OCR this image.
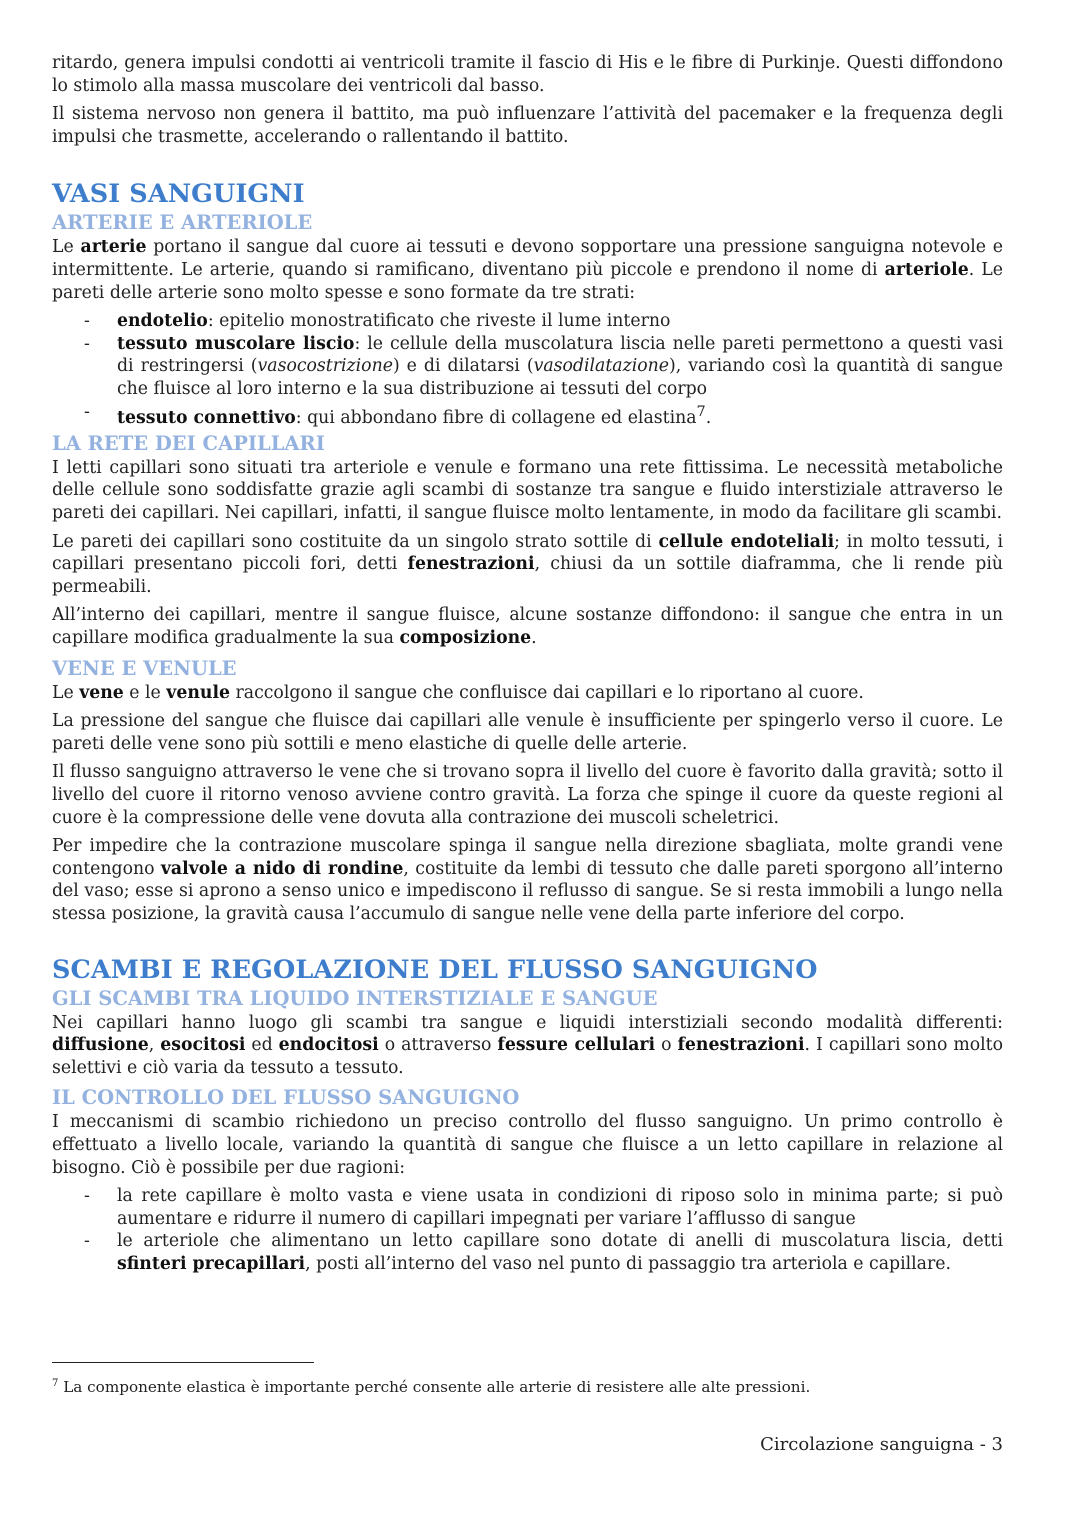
ritardo, genera impulsi condotti ai ventricoli tramite il fascio di His e le fibre di Purkinje. Questi diffondono lo stimolo alla massa muscolare dei ventricoli dal basso.

Il sistema nervoso non genera il battito, ma può influenzare l’attività del pacemaker e la frequenza degli impulsi che trasmette, accelerando o rallentando il battito.

VASI SANGUIGNI
ARTERIE E ARTERIOLE

Le arterie portano il sangue dal cuore ai tessuti e devono sopportare una pressione sanguigna notevole e intermittente. Le arterie, quando si ramificano, diventano più piccole e prendono il nome di arteriole. Le pareti delle arterie sono molto spesse e sono formate da tre strati:

- endotelio: epitelio monostratificato che riveste il lume interno
- tessuto muscolare liscio: le cellule della muscolatura liscia nelle pareti permettono a questi vasi di restringersi (vasocostrizione) e di dilatarsi (vasodilatazione), variando così la quantità di sangue che fluisce al loro interno e la sua distribuzione ai tessuti del corpo
- tessuto connettivo: qui abbondano fibre di collagene ed elastina$^7$.
LA RETE DEI CAPILLARI

I letti capillari sono situati tra arteriole e venule e formano una rete fittissima. Le necessità metaboliche delle cellule sono soddisfatte grazie agli scambi di sostanze tra sangue e fluido interstiziale attraverso le pareti dei capillari. Nei capillari, infatti, il sangue fluisce molto lentamente, in modo da facilitare gli scambi.

Le pareti dei capillari sono costituite da un singolo strato sottile di cellule endoteliali; in molto tessuti, i capillari presentano piccoli fori, detti fenestrazioni, chiusi da un sottile diaframma, che li rende più permeabili.

All’interno dei capillari, mentre il sangue fluisce, alcune sostanze diffondono: il sangue che entra in un capillare modifica gradualmente la sua composizione.

VENE E VENULE

Le vene e le venule raccolgono il sangue che confluisce dai capillari e lo riportano al cuore.

La pressione del sangue che fluisce dai capillari alle venule è insufficiente per spingerlo verso il cuore. Le pareti delle vene sono più sottili e meno elastiche di quelle delle arterie.

Il flusso sanguigno attraverso le vene che si trovano sopra il livello del cuore è favorito dalla gravità; sotto il livello del cuore il ritorno venoso avviene contro gravità. La forza che spinge il cuore da queste regioni al cuore è la compressione delle vene dovuta alla contrazione dei muscoli scheletrici.

Per impedire che la contrazione muscolare spinga il sangue nella direzione sbagliata, molte grandi vene contengono valvole a nido di rondine, costituite da lembi di tessuto che dalle pareti sporgono all’interno del vaso; esse si aprono a senso unico e impediscono il reflusso di sangue. Se si resta immobili a lungo nella stessa posizione, la gravità causa l’accumulo di sangue nelle vene della parte inferiore del corpo.

SCAMBI E REGOLAZIONE DEL FLUSSO SANGUIGNO
GLI SCAMBI TRA LIQUIDO INTERSTIZIALE E SANGUE

Nei capillari hanno luogo gli scambi tra sangue e liquidi interstiziali secondo modalità differenti: diffusione, esocitosi ed endocitosi o attraverso fessure cellulari o fenestrazioni. I capillari sono molto selettivi e ciò varia da tessuto a tessuto.

IL CONTROLLO DEL FLUSSO SANGUIGNO

I meccanismi di scambio richiedono un preciso controllo del flusso sanguigno. Un primo controllo è effettuato a livello locale, variando la quantità di sangue che fluisce a un letto capillare in relazione al bisogno. Ciò è possibile per due ragioni:

- la rete capillare è molto vasta e viene usata in condizioni di riposo solo in minima parte; si può aumentare e ridurre il numero di capillari impegnati per variare l’afflusso di sangue
- le arteriole che alimentano un letto capillare sono dotate di anelli di muscolatura liscia, detti sfinteri precapillari, posti all’interno del vaso nel punto di passaggio tra arteriola e capillare.
$^7$ La componente elastica è importante perché consente alle arterie di resistere alle alte pressioni.
Circolazione sanguigna - 3
